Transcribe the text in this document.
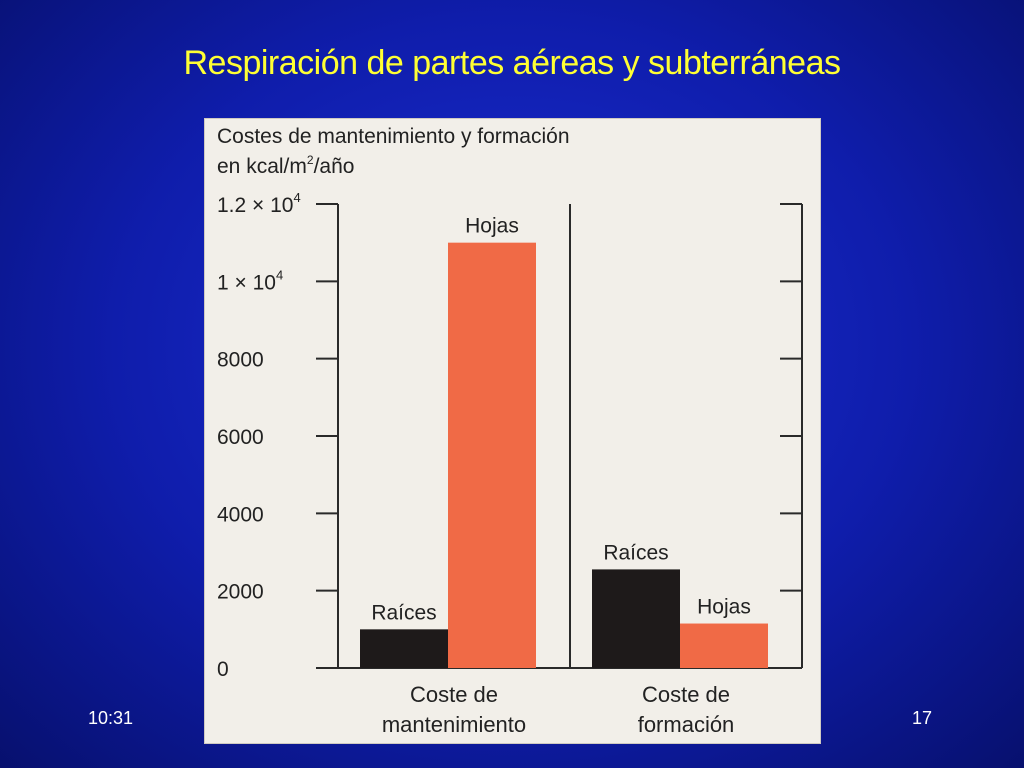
Respiración de partes aéreas y subterráneas
Costes de mantenimiento y formación
en kcal/$m^2$/año
0
2000
4000
6000
8000
$1 \times 10^4$
$1.2 \times 10^4$
Raíces
Hojas
Coste de
mantenimiento
Raíces
Hojas
Coste de
formación
10:31	17
